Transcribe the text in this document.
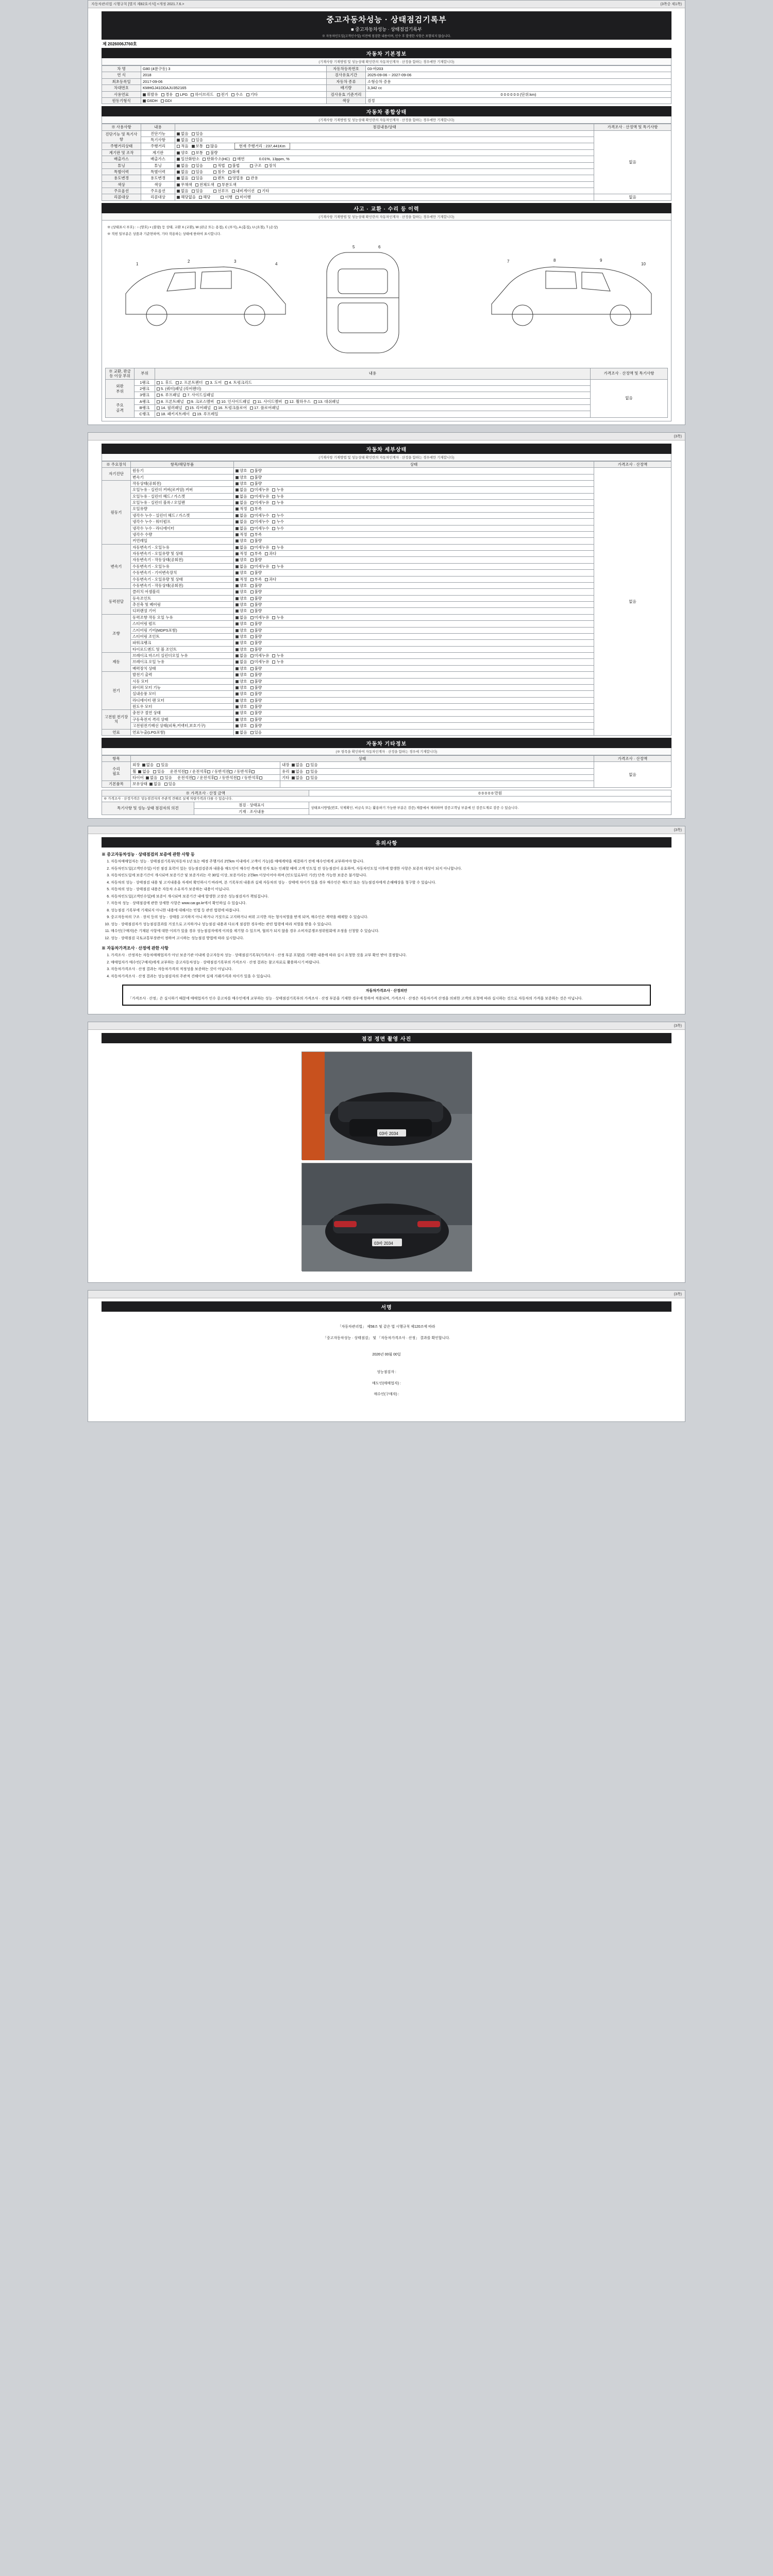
자동차관리법 시행규칙 [별지 제82호서식] <개정 2021.7.6.>	(3쪽중 제1쪽)
중고자동차성능 · 상태점검기록부
■ 중고자동차성능 · 상태점검기록부
※ 자동차인도일(고객인수일) 이전에 점검한 내용이며, 인수 후 발생한 사항은 포함되지 않습니다.
제 2026006J760호
자동차 기본정보
(기재사항 기재방법 및 성능상태 확인란의 자동차인계자 · 산정을 함하는 경우에만 기재합니다)
차 명	G80 (4륜구동) 3	자동차등록번호	03-바203
연 식	2018	검사유효기간	2025-09-06 ~ 2027-09-06
최초등록일	2017-09-06	자동차 종류	소형승차 증용
차대번호	KMHGJ41DDAJU352165	배기량	3,342 cc
사용연료	휘발유 경유 LPG 하이브리드 전기 수소 기타	검사유효 기준거리	0 0 0 0 0 0 (단위:km)
원동기형식	G6DH GDI	색상	검정
자동차 종합상태
(기재사항 기재방법 및 성능상태 확인란의 자동차인계자 · 산정을 함하는 경우에만 기재합니다)
※ 사용사항	내용	점검내용/상태	가격조사 · 산정액 및 특기사항
진단기능 및 특기사항	진단기능	없음 있음	없음
	특기사항	없음 있음	
주행거리상태	주행거리	적음 보통 많음 현재 주행거리 : 237,441Km	
계기판 및 조작	계기판	양호 보통 불량	
배출가스	배출가스	일산화탄소 탄화수소(HC) 매연 0.01%, 13ppm, %	
튜닝	튜닝	없음 있음 적법 불법 구조 장치	
특별이력	특별이력	없음 있음 침수 화재	
용도변경	용도변경	없음 있음 렌트 영업용 관용	
색상	색상	무채색 전체도색 부분도색	
주요옵션	주요옵션	없음 있음 선루프 내비게이션 기타	
리콜대상	리콜대상	해당없음 해당 이행 미이행	없음
사고 · 교환 · 수리 등 이력
(기재사항 기재방법 및 성능상태 확인란의 자동차인계자 · 산정을 함하는 경우에만 기재합니다)
※ (상태표시 부호) : ○ (양호) × (불량) 등 상태, 교환 X (교환), W (판금 또는 용접), C (부식), A (흠집), U (요철), T (손상)
※ 적힌 일부분은 상품과 기준면하며, 기타 작용하는 상태에 한하여 표시합니다.
1
2	3
4
5	6
7	8	9
10
※ 교환, 판금 등 이상 부위	부위	내용	가격조사 · 산정액 및 특기사항
외판
부위	1랭크	1. 후드 2. 프론트펜더 3. 도어 4. 트렁크리드	없음
	2랭크	5. (쿼터)패널 (리어펜더)	
	3랭크	6. 루프패널 7. 사이드실패널	
주요
골격	A랭크	8. 프론트패널 9. 크로스멤버 10. 인사이드패널 11. 사이드멤버 12. 휠하우스 13. 대쉬패널	
	B랭크	14. 필러패널 15. 리어패널 16. 트렁크플로어 17. 플로어패널	
	C랭크	18. 패키지트레이 19. 루프레일	
(3쪽)
자동차 세부상태
(기재사항 기재방법 및 성능상태 확인란의 자동차인계자 · 산정을 함하는 경우에만 기재합니다)
※ 주요장치	항목/해당부품	상태	가격조사 · 산정액
자기진단	원동기	양호 불량	없음
	변속기	양호 불량	
원동기	작동상태(공회전)	양호 불량	
	오일누유 - 실린더 커버(로커암) 커버	없음 미세누유 누유	
	오일누유 - 실린더 헤드 / 가스켓	없음 미세누유 누유	
	오일누유 - 실린더 블록 / 오일팬	없음 미세누유 누유	
	오일유량	적정 부족	
	냉각수 누수 - 실린더 헤드 / 가스켓	없음 미세누수 누수	
	냉각수 누수 - 워터펌프	없음 미세누수 누수	
	냉각수 누수 - 라디에이터	없음 미세누수 누수	
	냉각수 수량	적정 부족	
	커먼레일	양호 불량	
변속기	자동변속기 - 오일누유	없음 미세누유 누유	
	자동변속기 - 오일유량 및 상태	적정 부족 과다	
	자동변속기 - 작동상태(공회전)	양호 불량	
	수동변속기 - 오일누유	없음 미세누유 누유	
	수동변속기 - 기어변속장치	양호 불량	
	수동변속기 - 오일유량 및 상태	적정 부족 과다	
	수동변속기 - 작동상태(공회전)	양호 불량	
동력전달	클러치 어셈블리	양호 불량	
	등속조인트	양호 불량	
	추진축 및 베어링	양호 불량	
	디퍼렌셜 기어	양호 불량	
조향	동력조향 작동 오일 누유	없음 미세누유 누유	
	스티어링 펌프	양호 불량	
	스티어링 기어(MDPS포함)	양호 불량	
	스티어링 조인트	양호 불량	
	파워크랭크	양호 불량	
	타이로드엔드 및 볼 조인트	양호 불량	
제동	브레이크 마스터 실린더오일 누유	없음 미세누유 누유	
	브레이크 오일 누유	없음 미세누유 누유	
	배력장치 상태	양호 불량	
전기	발전기 출력	양호 불량	
	시동 모터	양호 불량	
	와이퍼 모터 기능	양호 불량	
	실내송풍 모터	양호 불량	
	라디에이터 팬 모터	양호 불량	
	윈도우 모터	양호 불량	
고전원 전기장치	충전구 절연 상태	양호 불량	
	구동축전지 격리 상태	양호 불량	
	고전원전기배선 상태(피복,커넥터,보호기구)	양호 불량	
연료	연료누출(LPG포함)	없음 있음	
자동차 기타정보
(※ 항목을 확인하여 자동차인계자 · 산정을 함하는 경우에 기재합니다)
항목	상태		가격조사 · 산정액
수리
필요	외장  없음 있음	내장  없음 있음	없음
	휠  없음 있음  운전석전 / 운전석후 / 동반석전 / 동반석후	유리  없음 있음	
	타이어  없음 있음  운전석전 / 운전석후 / 동반석전 / 동반석후	기타  없음 있음	
기본품목	보유상태  없음 있음		
※ 가격조사 · 산정 금액		0 0 0 0 0 만원
※ 가격조사 · 산정가격은 성능점검자의 주관적 견해로 실제 차량가격과 다를 수 있습니다.		
특기사항 및 성능·상태 점검자의 의견	점검 · 상태표시	상태표시방법(번호, 삭제확인, 비금속 또는 활용하기 가능한 부분은 검증) 제품에서 제외하며 검증고객님 부분에 인 검증도계로 검증 수 있습니다.
	기재 · 조사내용	
(3쪽)
유의사항

※ 중고자동차성능 · 상태점검의 보증에 관한 사항 등

1. 자동차매매업자는 성능 · 상태점검기록부(자동차 1년 또는 배정 주행거리 2만km 이내에서 고객이 가능)를 매매계약을 체결하기 전에 매수인에게 교부하여야 합니다.
2. 자동차인도일(고객인수일) 이전 점검 효력이 있는 성능점검검증과 내용을 매도인이 매수인 측에게 전자 또는 인쇄할 때에 고객 인도일 전 성능점검이 유효하며, 자동차인도일 이후에 발생한 사항은 보증의 대상이 되지 아니합니다.
3. 자동차인도일에 보증기간이 개시되며 보증기간 및 보증거리는 각 30일 이상, 보증거리는 2천km 이상이어야 하며 (인도일로부터 기산) 단축 가능한 보증은 불가합니다.
4. 자동차의 성능 · 상태점검 내용 및 고지내용을 자세히 확인하시기 바라며, 본 기록부의 내용과 실제 자동차의 성능 · 상태에 차이가 있을 경우 매수인은 매도인 또는 성능점검자에게 손해배상을 청구할 수 있습니다.
5. 자동차의 성능 · 상태점검 내용은 자동차 소유자가 보증하는 내용이 아닙니다.
6. 자동차인도일(고객인수일)에 보증이 개시되며 보증기간 내에 발생한 고장은 성능점검자가 책임집니다.
7. 자동차 성능 · 상태점검에 관한 상세한 사항은 www.car.go.kr에서 확인하실 수 있습니다.
8. 성능점검 기록부에 기재되지 아니한 내용에 대해서는 민법 등 관련 법령에 따릅니다.
9. 중고자동차의 구조 · 장치 등의 성능 · 상태를 고지하지 아니 하거나 거짓으로 고지하거나 허위 고지한 자는 형사처벌을 받게 되며, 매수인은 계약을 해제할 수 있습니다.
10. 성능 · 상태점검자가 성능점검결과를 거짓으로 고지하거나 성능점검 내용과 다르게 점검한 경우에는 관련 법령에 따라 처벌을 받을 수 있습니다.
11. 매수인(구매자)은 기재된 사항에 대한 이의가 있을 경우 성능점검자에게 이의를 제기할 수 있으며, 협의가 되지 않을 경우 소비자분쟁조정위원회에 조정을 신청할 수 있습니다.
12. 성능 · 상태점검 국토교통부장관이 정하여 고시하는 성능점검 방법에 따라 실시합니다.

※ 자동차가격조사 · 산정에 관한 사항

1. 가격조사 · 산정자는 자동차매매업자가 아닌 보증기관 이내에 중고자동차 성능 · 상태점검기록부(가격조사 · 산정 부분 포함)를 기재한 내용에 따라 실시 요청한 것을 교부 확인 받아 결정합니다.
2. 매매업자가 매수인(구매자)에게 교부하는 중고자동차성능 · 상태점검기록부의 가격조사 · 산정 결과는 참고자료로 활용하시기 바랍니다.
3. 자동차가격조사 · 산정 결과는 자동차가격의 적정성을 보증하는 것이 아닙니다.
4. 자동차가격조사 · 산정 결과는 성능점검자의 주관적 견해이며 실제 거래가격과 차이가 있을 수 있습니다.
자동차가격조사 · 산정의안
「가격조사 · 산정」은 실시하기 때문에 매매업자가 인수 중고차를 매수인에게 교부하는 성능 · 상태점검기록부의 가격조사 · 산정 부분을 기재한 경우에 한하여 적용되며, 가격조사 · 산정은 자동차가격 산정을 의뢰한 고객의 요청에 따라 실시하는 것으로 자동차의 가격을 보증하는 것은 아닙니다.
(3쪽)
점검 정면 촬영 사진
03바 2034
03바 2034
(3쪽)
서명
「자동차관리법」 제58조 및 같은 법 시행규칙 제120조에 따라
「중고자동차성능 · 상태점검」 및 「자동차가격조사 · 산정」 결과를 확인합니다.
2026년 00월 00일
성능점검자 :
매도인(매매업자) :
매수인(구매자) :
